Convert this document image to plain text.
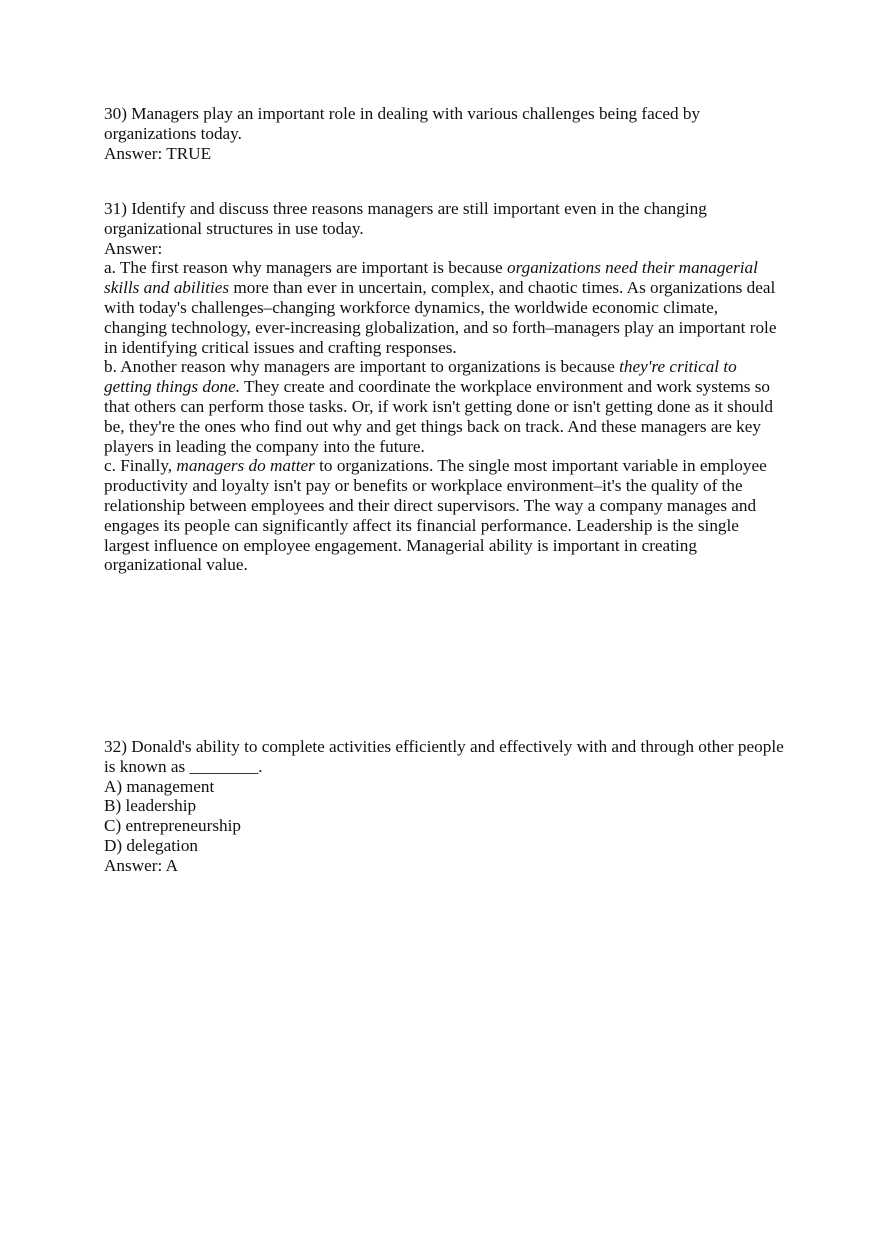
30) Managers play an important role in dealing with various challenges being faced by organizations today.
Answer: TRUE
31) Identify and discuss three reasons managers are still important even in the changing organizational structures in use today.
Answer:
a. The first reason why managers are important is because organizations need their managerial skills and abilities more than ever in uncertain, complex, and chaotic times. As organizations deal with today's challenges–changing workforce dynamics, the worldwide economic climate, changing technology, ever-increasing globalization, and so forth–managers play an important role in identifying critical issues and crafting responses.
b. Another reason why managers are important to organizations is because they're critical to getting things done. They create and coordinate the workplace environment and work systems so that others can perform those tasks. Or, if work isn't getting done or isn't getting done as it should be, they're the ones who find out why and get things back on track. And these managers are key players in leading the company into the future.
c. Finally, managers do matter to organizations. The single most important variable in employee productivity and loyalty isn't pay or benefits or workplace environment–it's the quality of the relationship between employees and their direct supervisors. The way a company manages and engages its people can significantly affect its financial performance. Leadership is the single largest influence on employee engagement. Managerial ability is important in creating organizational value.
32) Donald's ability to complete activities efficiently and effectively with and through other people is known as ________.
A) management
B) leadership
C) entrepreneurship
D) delegation
Answer: A
